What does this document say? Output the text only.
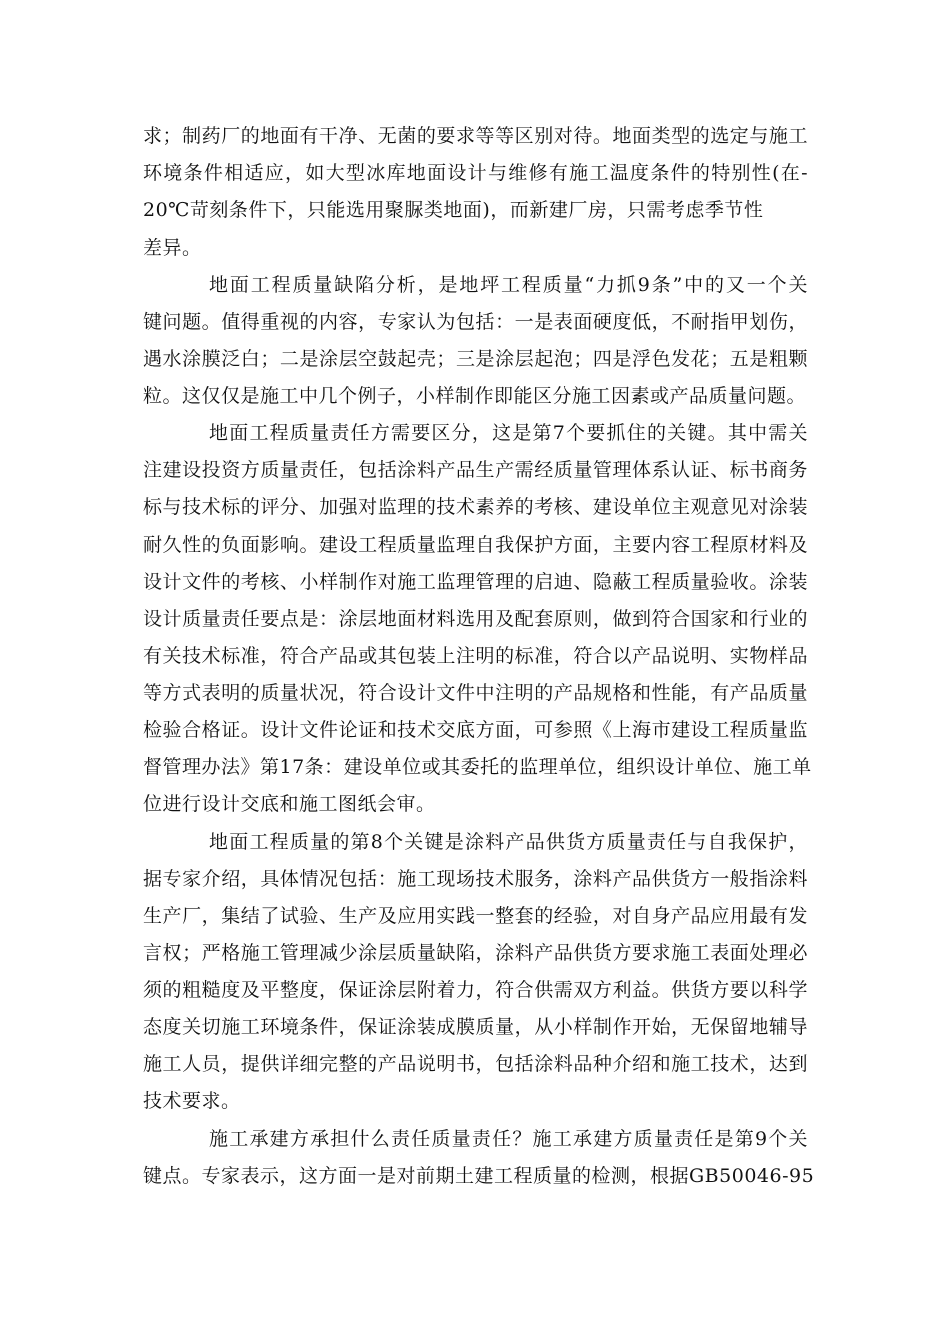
求；制药厂的地面有干净、无菌的要求等等区别对待。地面类型的选定与施工
环境条件相适应，如大型冰库地面设计与维修有施工温度条件的特别性(在-
20℃苛刻条件下，只能选用聚脲类地面)，而新建厂房，只需考虑季节性
差异。
地面工程质量缺陷分析，是地坪工程质量“力抓9条”中的又一个关
键问题。值得重视的内容，专家认为包括：一是表面硬度低，不耐指甲划伤，
遇水涂膜泛白；二是涂层空鼓起壳；三是涂层起泡；四是浮色发花；五是粗颗
粒。这仅仅是施工中几个例子，小样制作即能区分施工因素或产品质量问题。
地面工程质量责任方需要区分，这是第7个要抓住的关键。其中需关
注建设投资方质量责任，包括涂料产品生产需经质量管理体系认证、标书商务
标与技术标的评分、加强对监理的技术素养的考核、建设单位主观意见对涂装
耐久性的负面影响。建设工程质量监理自我保护方面，主要内容工程原材料及
设计文件的考核、小样制作对施工监理管理的启迪、隐蔽工程质量验收。涂装
设计质量责任要点是：涂层地面材料选用及配套原则，做到符合国家和行业的
有关技术标准，符合产品或其包装上注明的标准，符合以产品说明、实物样品
等方式表明的质量状况，符合设计文件中注明的产品规格和性能，有产品质量
检验合格证。设计文件论证和技术交底方面，可参照《上海市建设工程质量监
督管理办法》第17条：建设单位或其委托的监理单位，组织设计单位、施工单
位进行设计交底和施工图纸会审。
地面工程质量的第8个关键是涂料产品供货方质量责任与自我保护，
据专家介绍，具体情况包括：施工现场技术服务，涂料产品供货方一般指涂料
生产厂，集结了试验、生产及应用实践一整套的经验，对自身产品应用最有发
言权；严格施工管理减少涂层质量缺陷，涂料产品供货方要求施工表面处理必
须的粗糙度及平整度，保证涂层附着力，符合供需双方利益。供货方要以科学
态度关切施工环境条件，保证涂装成膜质量，从小样制作开始，无保留地辅导
施工人员，提供详细完整的产品说明书，包括涂料品种介绍和施工技术，达到
技术要求。
施工承建方承担什么责任质量责任？施工承建方质量责任是第9个关
键点。专家表示，这方面一是对前期土建工程质量的检测，根据GB50046-95
